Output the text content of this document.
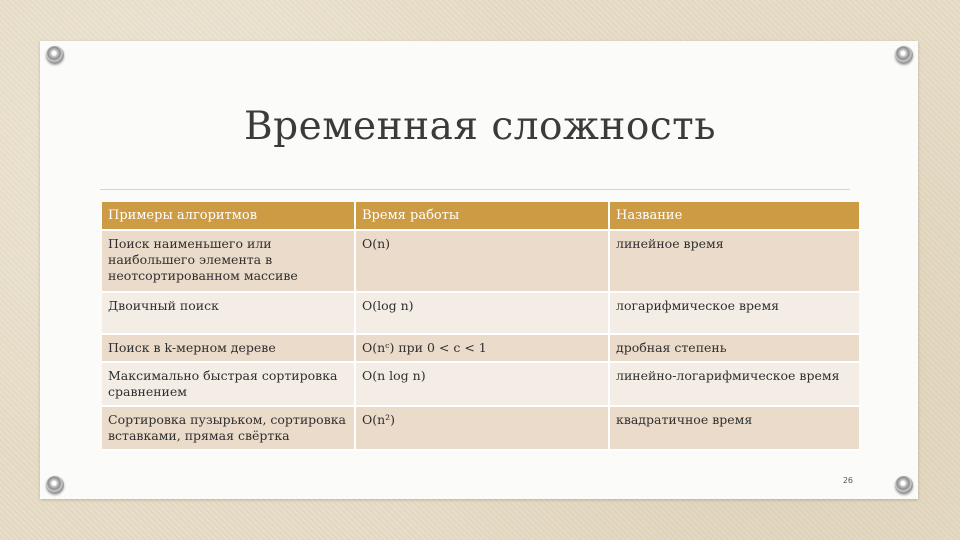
Временная сложность
Примеры алгоритмов	Время работы	Название
Поиск наименьшего или наибольшего элемента в неотсортированном массиве	O(n)	линейное время
Двоичный поиск	O(log n)	логарифмическое время
Поиск в k-мерном дереве	O(nᶜ) при 0 < c < 1	дробная степень
Максимально быстрая сортировка сравнением	O(n log n)	линейно-логарифмическое время
Сортировка пузырьком, сортировка вставками, прямая свёртка	O(n²)	квадратичное время
26
